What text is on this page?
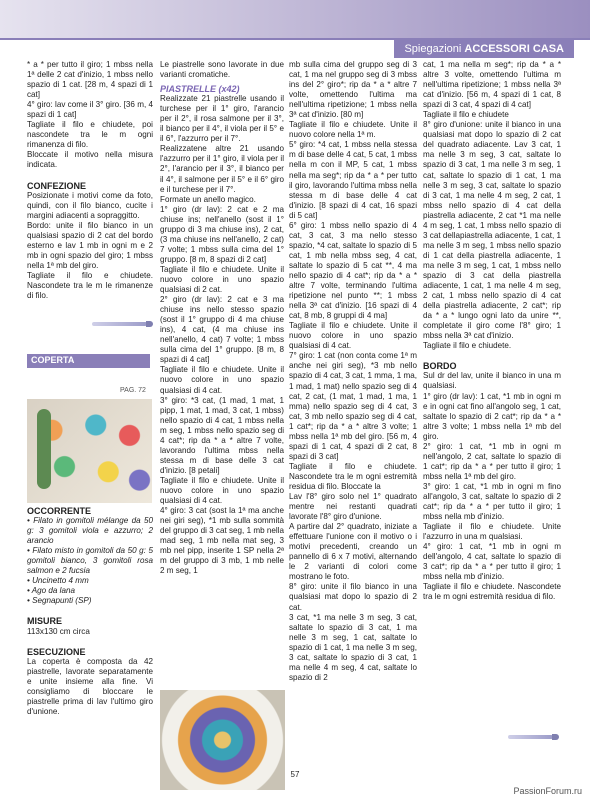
Spiegazioni ACCESSORI CASA

* a * per tutto il giro; 1 mbss nella 1ª delle 2 cat d'inizio, 1 mbss nello spazio di 1 cat. [28 m, 4 spazi di 1 cat]

4° giro: lav come il 3° giro. [36 m, 4 spazi di 1 cat]

Tagliate il filo e chiudete, poi nascondete tra le m ogni rimanenza di filo.

Bloccate il motivo nella misura indicata.

CONFEZIONE

Posizionate i motivi come da foto, quindi, con il filo bianco, cucite i margini adiacenti a sopraggitto.

Bordo: unite il filo bianco in un qualsiasi spazio di 2 cat del bordo esterno e lav 1 mb in ogni m e 2 mb in ogni spazio del giro; 1 mbss nella 1ª mb del giro.

Tagliate il filo e chiudete. Nascondete tra le m le rimanenze di filo.

COPERTA
PAG. 72

OCCORRENTE

• Filato in gomitoli mélange da 50 g: 3 gomitoli viola e azzurro; 2 arancio

• Filato misto in gomitoli da 50 g: 5 gomitoli bianco, 3 gomitoli rosa salmon e 2 fucsia

• Uncinetto 4 mm

• Ago da lana

• Segnapunti (SP)

MISURE

113x130 cm circa

ESECUZIONE

La coperta è composta da 42 piastrelle, lavorate separatamente e unite insieme alla fine. Vi consigliamo di bloccare le piastrelle prima di lav l'ultimo giro d'unione.

Le piastrelle sono lavorate in due varianti cromatiche.

PIASTRELLE (x42)

Realizzate 21 piastrelle usando il turchese per il 1° giro, l'arancio per il 2°, il rosa salmone per il 3°, il bianco per il 4°, il viola per il 5° e il 6°, l'azzurro per il 7°.

Realizzatene altre 21 usando l'azzurro per il 1° giro, il viola per il 2°, l'arancio per il 3°, il bianco per il 4°, il salmone per il 5° e il 6° giro e il turchese per il 7°.

Formate un anello magico.

1° giro (dr lav): 2 cat e 2 ma chiuse ins; nell'anello (sost il 1° gruppo di 3 ma chiuse ins), 2 cat, (3 ma chiuse ins nell'anello, 2 cat) 7 volte; 1 mbss sulla cima del 1° gruppo. [8 m, 8 spazi di 2 cat]

Tagliate il filo e chiudete. Unite il nuovo colore in uno spazio qualsiasi di 2 cat.

2° giro (dr lav): 2 cat e 3 ma chiuse ins nello stesso spazio (sost il 1° gruppo di 4 ma chiuse ins), 4 cat, (4 ma chiuse ins nell'anello, 4 cat) 7 volte; 1 mbss sulla cima del 1° gruppo. [8 m, 8 spazi di 4 cat]

Tagliate il filo e chiudete. Unite il nuovo colore in uno spazio qualsiasi di 4 cat.

3° giro: *3 cat, (1 mad, 1 mat, 1 pipp, 1 mat, 1 mad, 3 cat, 1 mbss) nello spazio di 4 cat, 1 mbss nella m seg, 1 mbss nello spazio seg di 4 cat*; rip da * a * altre 7 volte, lavorando l'ultima mbss nella stessa m di base delle 3 cat d'inizio. [8 petali]

Tagliate il filo e chiudete. Unite il nuovo colore in uno spazio qualsiasi di 4 cat.

4° giro: 3 cat (sost la 1ª ma anche nei giri seg), *1 mb sulla sommità del gruppo di 3 cat seg, 1 mb nella mad seg, 1 mb nella mat seg, 3 mb nel pipp, inserite 1 SP nella 2ª m del gruppo di 3 mb, 1 mb nelle 2 m seg, 1

mb sulla cima del gruppo seg di 3 cat, 1 ma nel gruppo seg di 3 mbss ins del 2° giro*; rip da * a * altre 7 volte, omettendo l'ultima ma nell'ultima ripetizione; 1 mbss nella 3ª cat d'inizio. [80 m]

Tagliate il filo e chiudete. Unite il nuovo colore nella 1ª m.

5° giro: *4 cat, 1 mbss nella stessa m di base delle 4 cat, 5 cat, 1 mbss nella m con il MP, 5 cat, 1 mbss nella ma seg*; rip da * a * per tutto il giro, lavorando l'ultima mbss nella stessa m di base delle 4 cat d'inizio. [8 spazi di 4 cat, 16 spazi di 5 cat]

6° giro: 1 mbss nello spazio di 4 cat, 3 cat, 3 ma nello stesso spazio, *4 cat, saltate lo spazio di 5 cat, 1 mb nella mbss seg, 4 cat, saltate lo spazio di 5 cat **, 4 ma nello spazio di 4 cat*; rip da * a * altre 7 volte, terminando l'ultima ripetizione nel punto **; 1 mbss nella 3ª cat d'inizio. [16 spazi di 4 cat, 8 mb, 8 gruppi di 4 ma]

Tagliate il filo e chiudete. Unite il nuovo colore in uno spazio qualsiasi di 4 cat.

7° giro: 1 cat (non conta come 1ª m anche nei giri seg), *3 mb nello spazio di 4 cat, 3 cat, 1 mma, 1 ma, 1 mad, 1 mat) nello spazio seg di 4 cat, 2 cat, (1 mat, 1 mad, 1 ma, 1 mma) nello spazio seg di 4 cat, 3 cat, 3 mb nello spazio seg di 4 cat, 1 cat*; rip da * a * altre 3 volte; 1 mbss nella 1ª mb del giro. [56 m, 4 spazi di 1 cat, 4 spazi di 2 cat, 8 spazi di 3 cat]

Tagliate il filo e chiudete. Nascondete tra le m ogni estremità residua di filo. Bloccate la

Lav l'8° giro solo nel 1° quadrato mentre nei restanti quadrati lavorate l'8° giro d'unione.

A partire dal 2° quadrato, iniziate a effettuare l'unione con il motivo o i motivi precedenti, creando un pannello di 6 x 7 motivi, alternando le 2 varianti di colori come mostrano le foto.

8° giro: unite il filo bianco in una qualsiasi mat dopo lo spazio di 2 cat.

3 cat, *1 ma nelle 3 m seg, 3 cat, saltate lo spazio di 3 cat, 1 ma nelle 3 m seg, 1 cat, saltate lo spazio di 1 cat, 1 ma nelle 3 m seg, 3 cat, saltate lo spazio di 3 cat, 1 ma nelle 4 m seg, 4 cat, saltate lo spazio di 2

cat, 1 ma nella m seg*; rip da * a * altre 3 volte, omettendo l'ultima m nell'ultima ripetizione; 1 mbss nella 3ª cat d'inizio. [56 m, 4 spazi di 1 cat, 8 spazi di 3 cat, 4 spazi di 4 cat]

Tagliate il filo e chiudete

8° giro d'unione: unite il bianco in una qualsiasi mat dopo lo spazio di 2 cat del quadrato adiacente. Lav 3 cat, 1 ma nelle 3 m seg, 3 cat, saltate lo spazio di 3 cat, 1 ma nelle 3 m seg, 1 cat, saltate lo spazio di 1 cat, 1 ma nelle 3 m seg, 3 cat, saltate lo spazio di 3 cat, 1 ma nelle 4 m seg, 2 cat, 1 mbss nello spazio di 4 cat della piastrella adiacente, 2 cat *1 ma nelle 4 m seg, 1 cat, 1 mbss nello spazio di 3 cat dellapiastrella adiacente, 1 cat, 1 ma nelle 3 m seg, 1 mbss nello spazio di 1 cat della piastrella adiacente, 1 ma nelle 3 m seg, 1 cat, 1 mbss nello spazio di 3 cat della piastrella adiacente, 1 cat, 1 ma nelle 4 m seg, 2 cat, 1 mbss nello spazio di 4 cat della piastrella adiacente, 2 cat*; rip da * a * lungo ogni lato da unire **, completate il giro come l'8° giro; 1 mbss nella 3ª cat d'inizio.

Tagliate il filo e chiudete.

BORDO

Sul dr del lav, unite il bianco in una m qualsiasi.

1° giro (dr lav): 1 cat, *1 mb in ogni m e in ogni cat fino all'angolo seg, 1 cat, saltate lo spazio di 2 cat*; rip da * a * altre 3 volte; 1 mbss nella 1ª mb del giro.

2° giro: 1 cat, *1 mb in ogni m nell'angolo, 2 cat, saltate lo spazio di 1 cat*; rip da * a * per tutto il giro; 1 mbss nella 1ª mb del giro.

3° giro: 1 cat, *1 mb in ogni m fino all'angolo, 3 cat, saltate lo spazio di 2 cat*; rip da * a * per tutto il giro; 1 mbss nella mb d'inizio.

Tagliate il filo e chiudete. Unite l'azzurro in una m qualsiasi.

4° giro: 1 cat, *1 mb in ogni m dell'angolo, 4 cat, saltate lo spazio di 3 cat*; rip da * a * per tutto il giro; 1 mbss nella mb d'inizio.

Tagliate il filo e chiudete. Nascondete tra le m ogni estremità residua di filo.

57
PassionForum.ru
